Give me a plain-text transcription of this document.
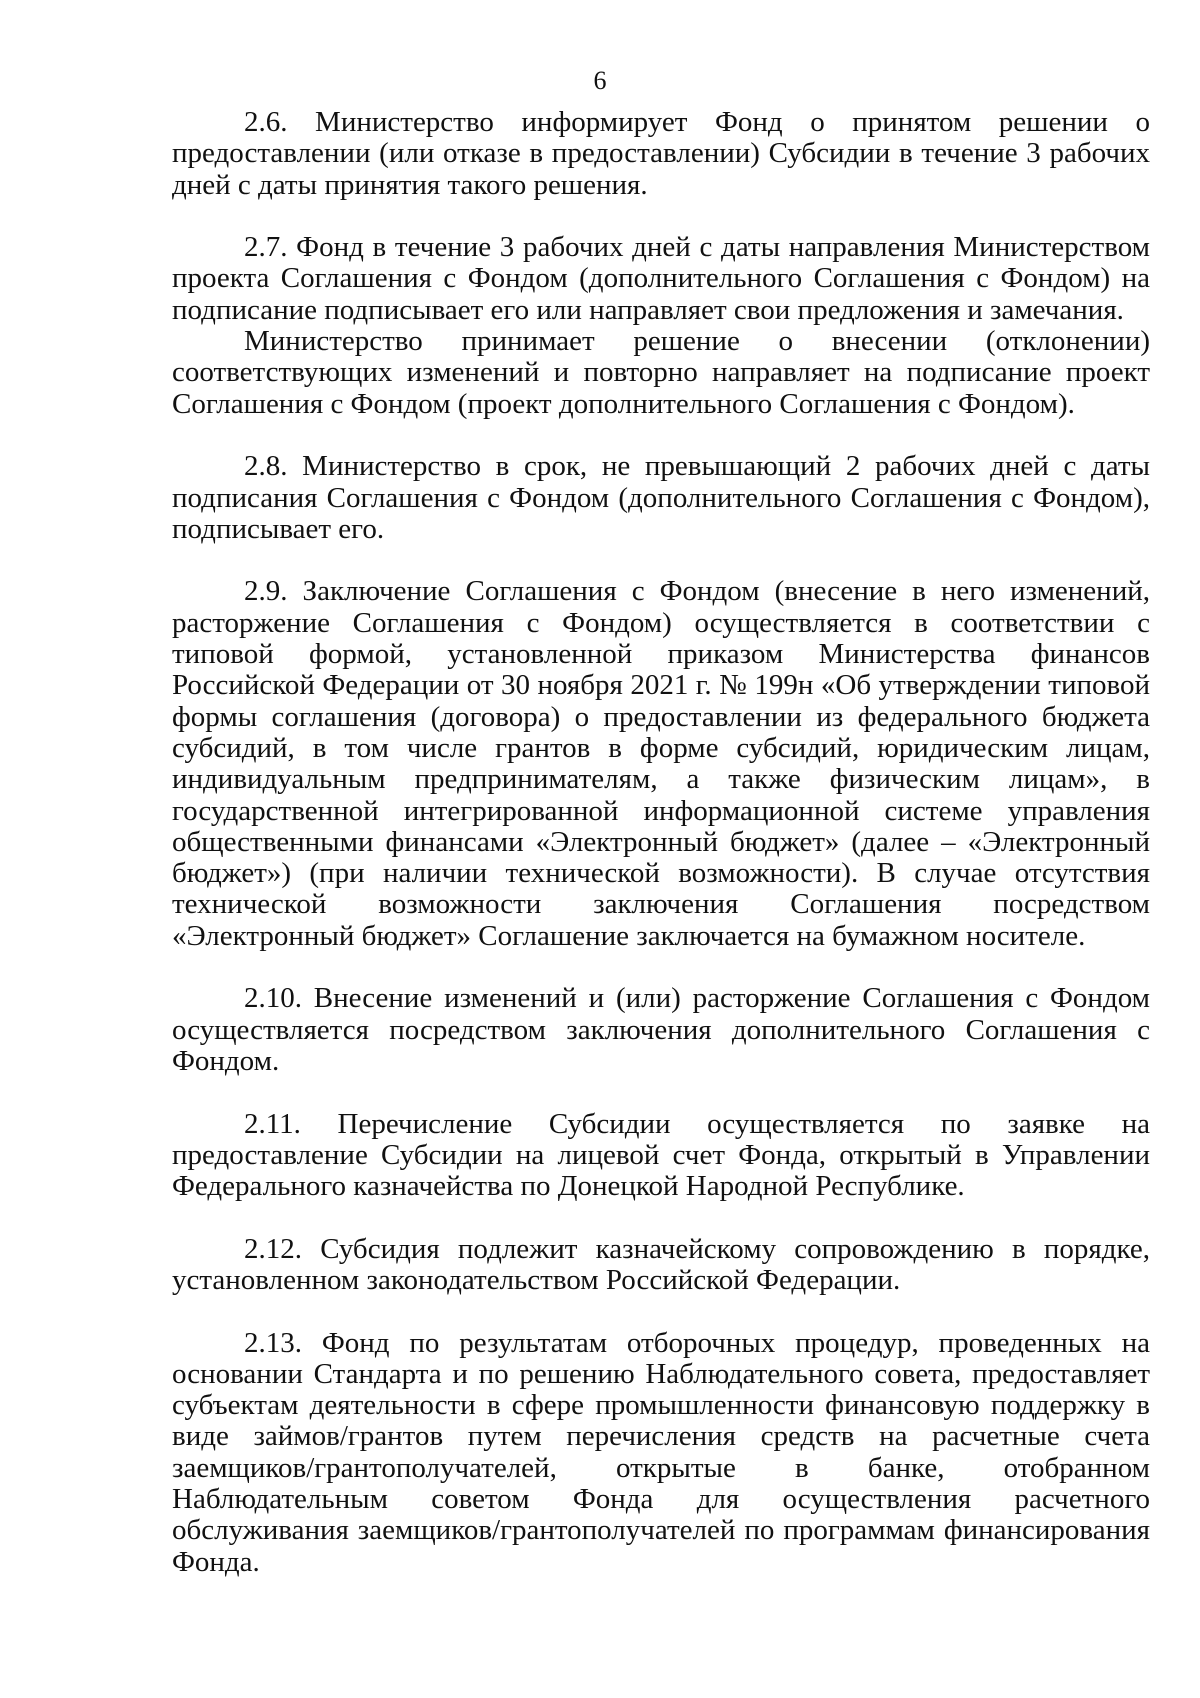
6

2.6. Министерство информирует Фонд о принятом решении о предоставлении (или отказе в предоставлении) Субсидии в течение 3 рабочих дней с даты принятия такого решения.

2.7. Фонд в течение 3 рабочих дней с даты направления Министерством проекта Соглашения с Фондом (дополнительного Соглашения с Фондом) на подписание подписывает его или направляет свои предложения и замечания.

Министерство принимает решение о внесении (отклонении) соответствующих изменений и повторно направляет на подписание проект Соглашения с Фондом (проект дополнительного Соглашения с Фондом).

2.8. Министерство в срок, не превышающий 2 рабочих дней с даты подписания Соглашения с Фондом (дополнительного Соглашения с Фондом), подписывает его.

2.9. Заключение Соглашения с Фондом (внесение в него изменений, расторжение Соглашения с Фондом) осуществляется в соответствии с типовой формой, установленной приказом Министерства финансов Российской Федерации от 30 ноября 2021 г. № 199н «Об утверждении типовой формы соглашения (договора) о предоставлении из федерального бюджета субсидий, в том числе грантов в форме субсидий, юридическим лицам, индивидуальным предпринимателям, а также физическим лицам», в государственной интегрированной информационной системе управления общественными финансами «Электронный бюджет» (далее – «Электронный бюджет») (при наличии технической возможности). В случае отсутствия технической возможности заключения Соглашения посредством «Электронный бюджет» Соглашение заключается на бумажном носителе.

2.10. Внесение изменений и (или) расторжение Соглашения с Фондом осуществляется посредством заключения дополнительного Соглашения с Фондом.

2.11. Перечисление Субсидии осуществляется по заявке на предоставление Субсидии на лицевой счет Фонда, открытый в Управлении Федерального казначейства по Донецкой Народной Республике.

2.12. Субсидия подлежит казначейскому сопровождению в порядке, установленном законодательством Российской Федерации.

2.13. Фонд по результатам отборочных процедур, проведенных на основании Стандарта и по решению Наблюдательного совета, предоставляет субъектам деятельности в сфере промышленности финансовую поддержку в виде займов/грантов путем перечисления средств на расчетные счета заемщиков/грантополучателей, открытые в банке, отобранном Наблюдательным советом Фонда для осуществления расчетного обслуживания заемщиков/грантополучателей по программам финансирования Фонда.
